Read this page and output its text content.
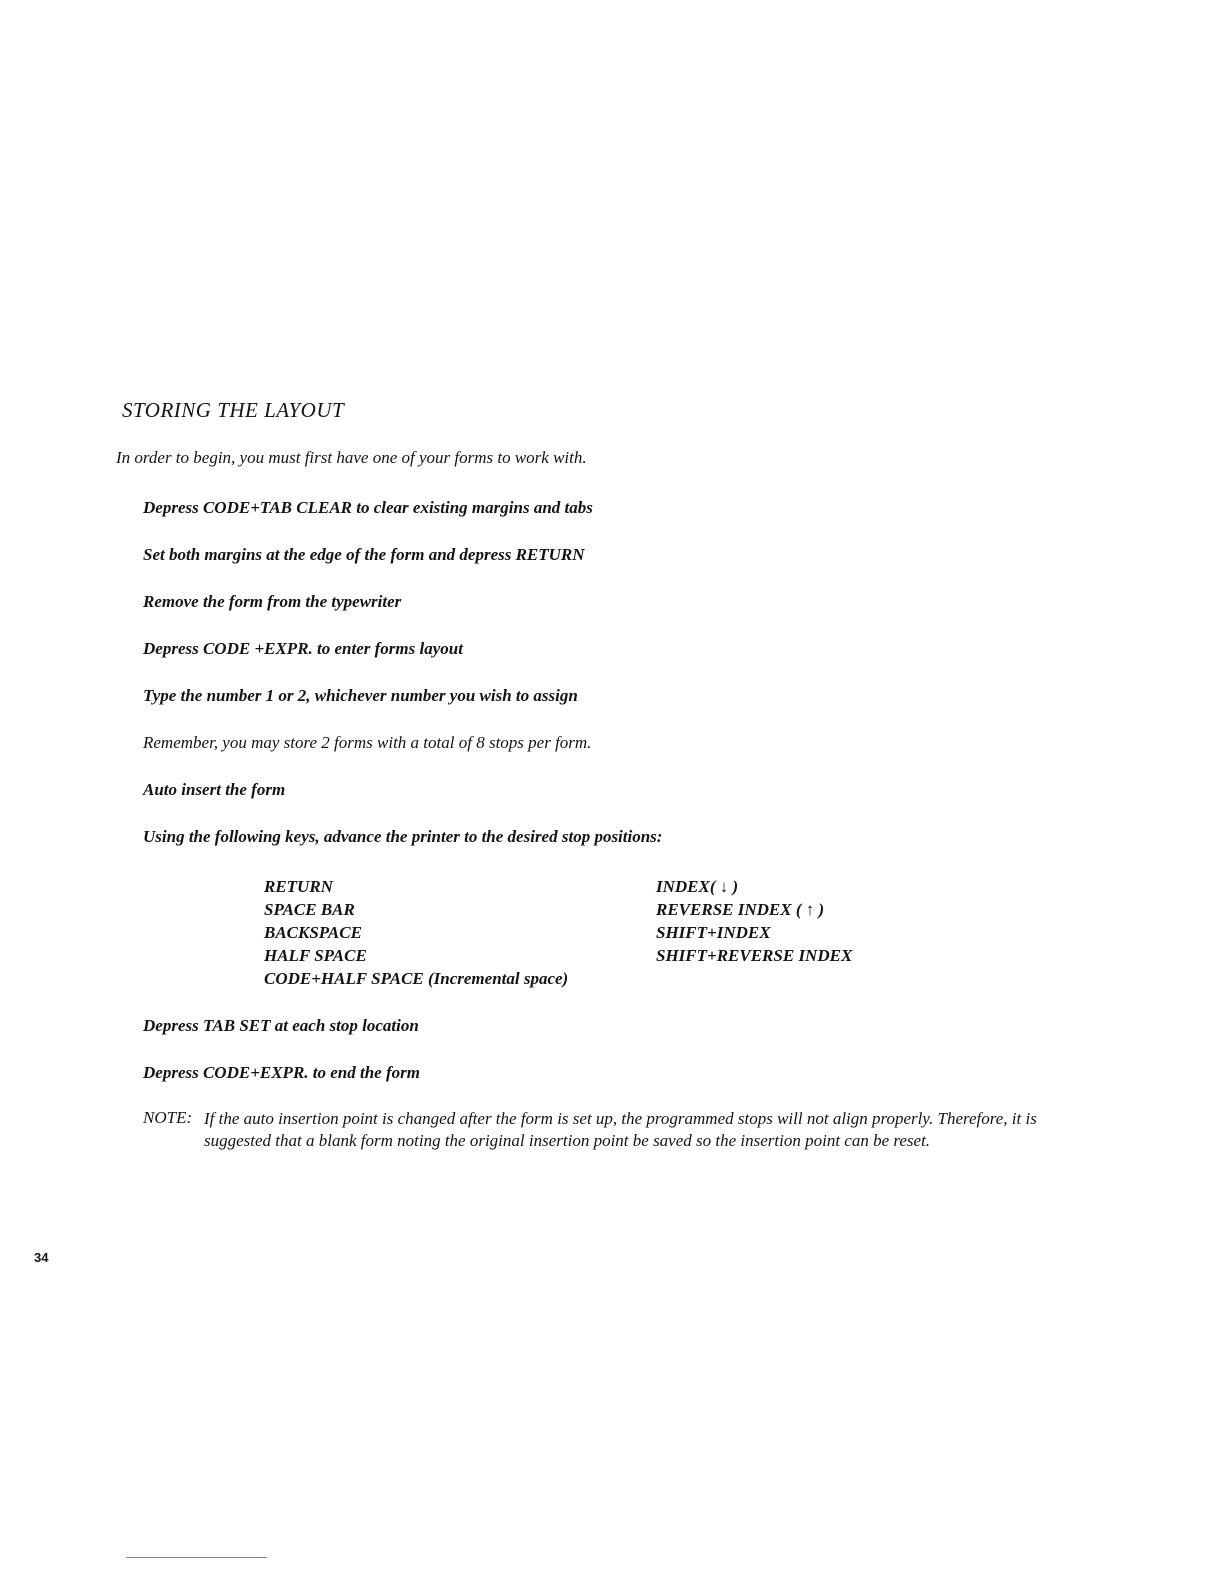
STORING THE LAYOUT
In order to begin, you must first have one of your forms to work with.
Depress CODE+TAB CLEAR to clear existing margins and tabs
Set both margins at the edge of the form and depress RETURN
Remove the form from the typewriter
Depress CODE +EXPR. to enter forms layout
Type the number 1 or 2, whichever number you wish to assign
Remember, you may store 2 forms with a total of 8 stops per form.
Auto insert the form
Using the following keys, advance the printer to the desired stop positions:
RETURN
SPACE BAR
BACKSPACE
HALF SPACE
CODE+HALF SPACE (Incremental space)
INDEX( ↓ )
REVERSE INDEX ( ↑ )
SHIFT+INDEX
SHIFT+REVERSE INDEX
Depress TAB SET at each stop location
Depress CODE+EXPR. to end the form
NOTE: If the auto insertion point is changed after the form is set up, the programmed stops will not align properly. Therefore, it is suggested that a blank form noting the original insertion point be saved so the insertion point can be reset.
34
